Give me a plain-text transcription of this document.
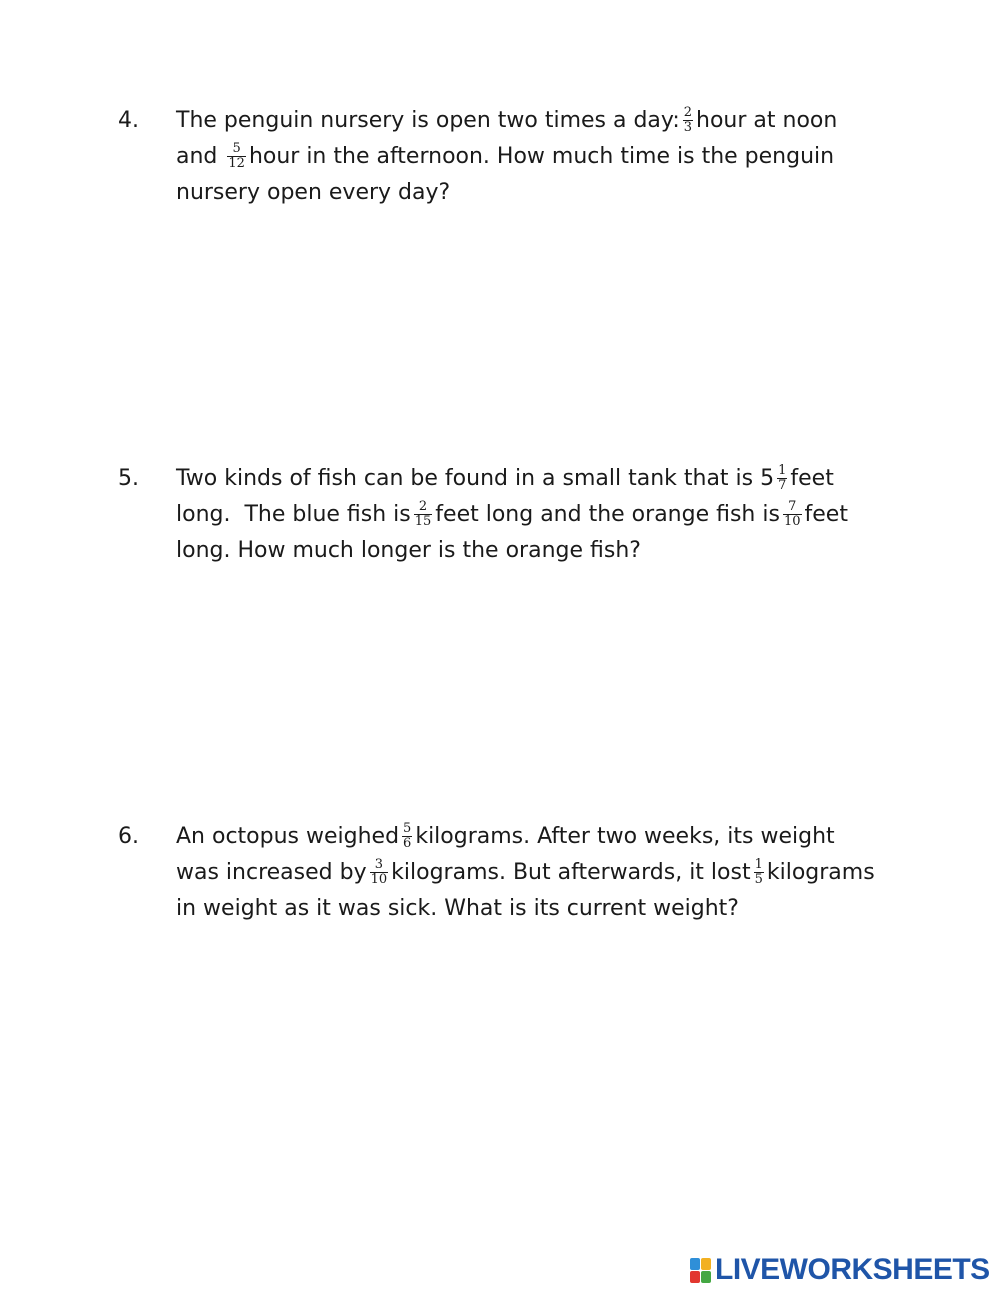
4. The penguin nursery is open two times a day: $\frac{2}{3}$ hour at noon
and $\frac{5}{12}$ hour in the afternoon. How much time is the penguin
nursery open every day?
5. Two kinds of fish can be found in a small tank that is $5 \frac{1}{7}$ feet
long.  The blue fish is $\frac{2}{15}$ feet long and the orange fish is $\frac{7}{10}$ feet
long. How much longer is the orange fish?
6. An octopus weighed $\frac{5}{6}$ kilograms. After two weeks, its weight
was increased by $\frac{3}{10}$ kilograms. But afterwards, it lost $\frac{1}{5}$ kilograms
in weight as it was sick. What is its current weight?
LIVEWORKSHEETS
